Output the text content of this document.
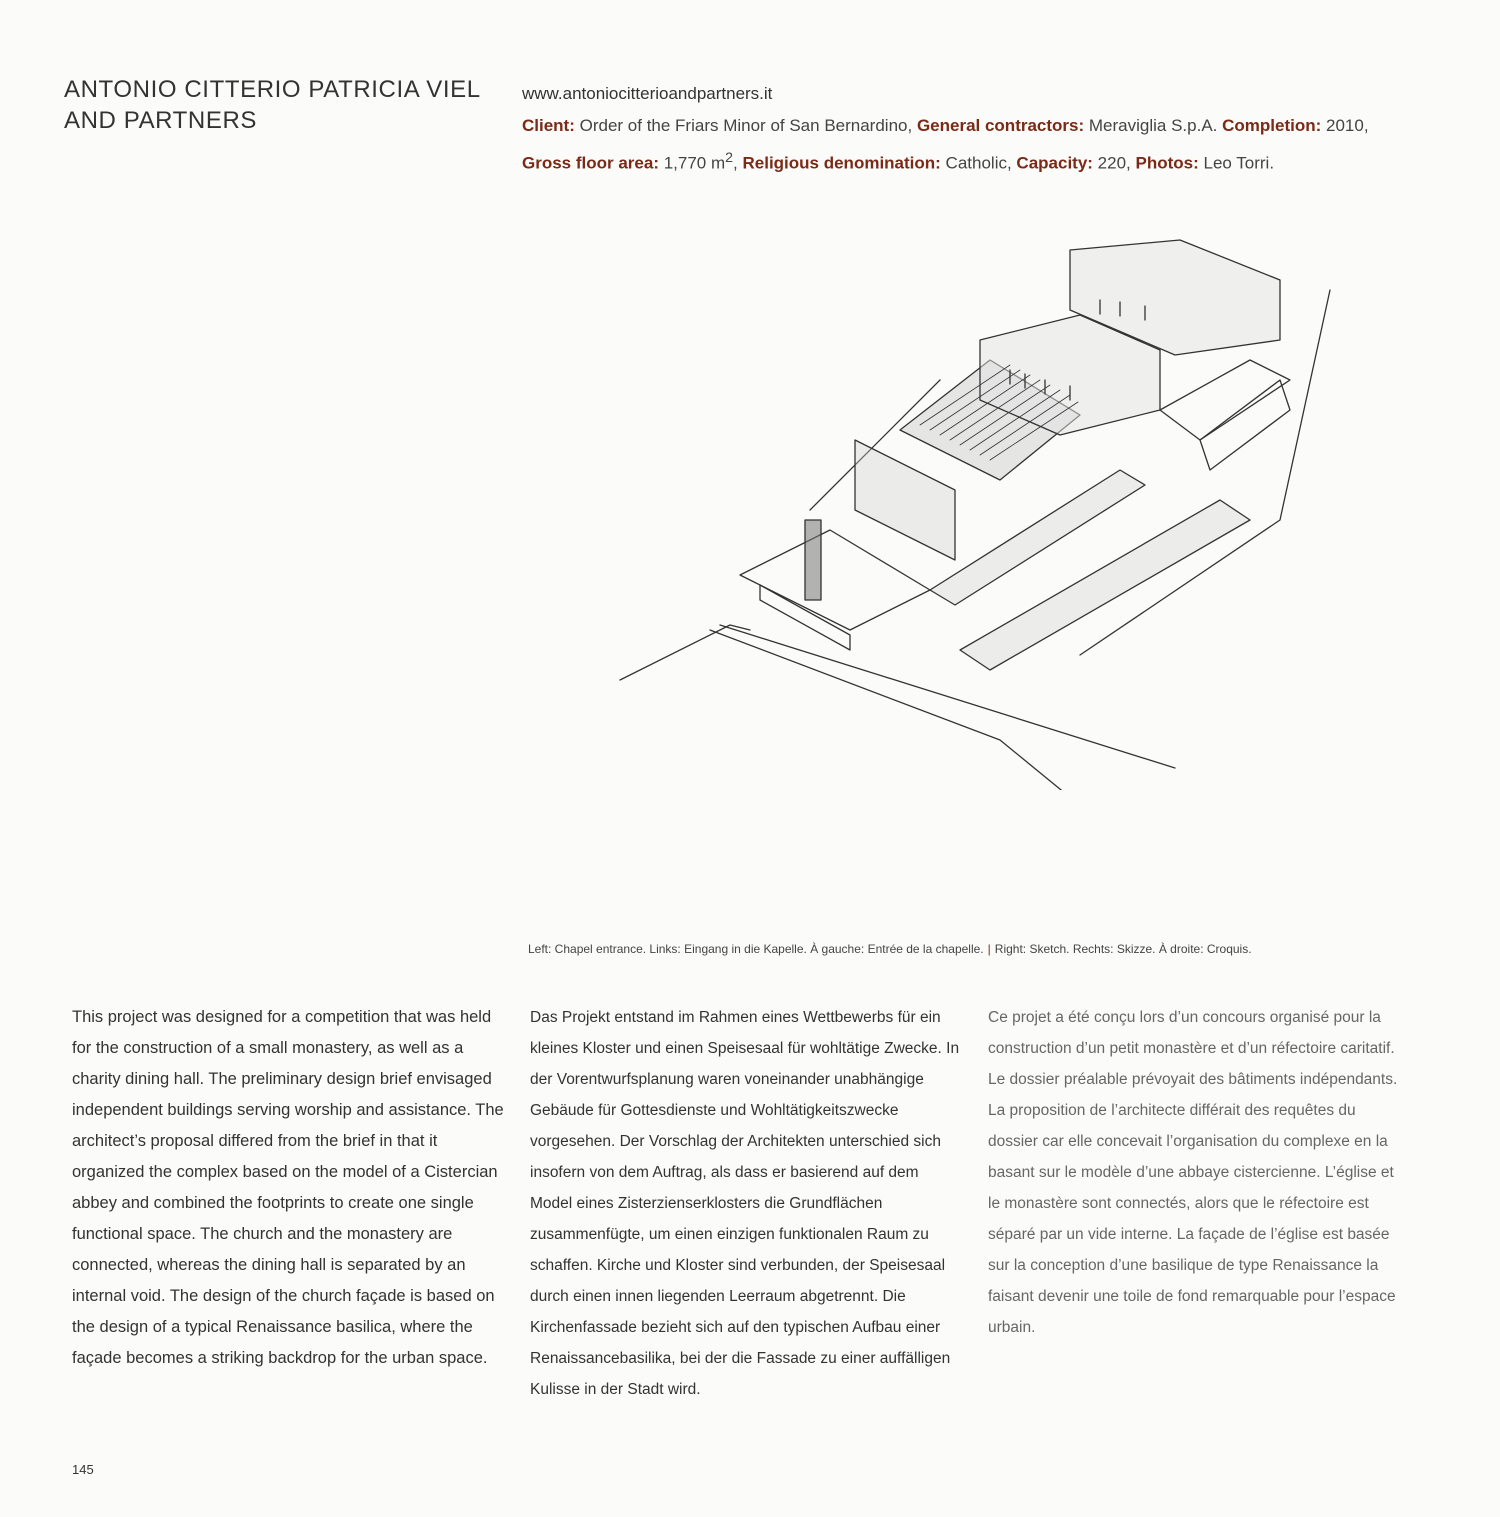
ANTONIO CITTERIO PATRICIA VIEL
AND PARTNERS
www.antoniocitterioandpartners.it
Client: Order of the Friars Minor of San Bernardino, General contractors: Meraviglia S.p.A. Completion: 2010, Gross floor area: 1,770 $m^2$, Religious denomination: Catholic, Capacity: 220, Photos: Leo Torri.
Left: Chapel entrance. Links: Eingang in die Kapelle. À gauche: Entrée de la chapelle. | Right: Sketch. Rechts: Skizze. À droite: Croquis.
This project was designed for a competition that was held for the construction of a small monastery, as well as a charity dining hall. The preliminary design brief envisaged independent buildings serving worship and assistance. The architect’s proposal differed from the brief in that it organized the complex based on the model of a Cistercian abbey and combined the footprints to create one single functional space. The church and the monastery are connected, whereas the dining hall is separated by an internal void. The design of the church façade is based on the design of a typical Renaissance basilica, where the façade becomes a striking backdrop for the urban space.
Das Projekt entstand im Rahmen eines Wettbewerbs für ein kleines Kloster und einen Speisesaal für wohltätige Zwecke. In der Vorentwurfsplanung waren voneinander unabhängige Gebäude für Gottesdienste und Wohltätigkeitszwecke vorgesehen. Der Vorschlag der Architekten unterschied sich insofern von dem Auftrag, als dass er basierend auf dem Model eines Zisterzienserklosters die Grundflächen zusammenfügte, um einen einzigen funktionalen Raum zu schaffen. Kirche und Kloster sind verbunden, der Speisesaal durch einen innen liegenden Leerraum abgetrennt. Die Kirchenfassade bezieht sich auf den typischen Aufbau einer Renaissancebasilika, bei der die Fassade zu einer auffälligen Kulisse in der Stadt wird.
Ce projet a été conçu lors d’un concours organisé pour la construction d’un petit monastère et d’un réfectoire caritatif. Le dossier préalable prévoyait des bâtiments indépendants. La proposition de l’architecte différait des requêtes du dossier car elle concevait l’organisation du complexe en la basant sur le modèle d’une abbaye cistercienne. L’église et le monastère sont connectés, alors que le réfectoire est séparé par un vide interne. La façade de l’église est basée sur la conception d’une basilique de type Renaissance la faisant devenir une toile de fond remarquable pour l’espace urbain.
145
